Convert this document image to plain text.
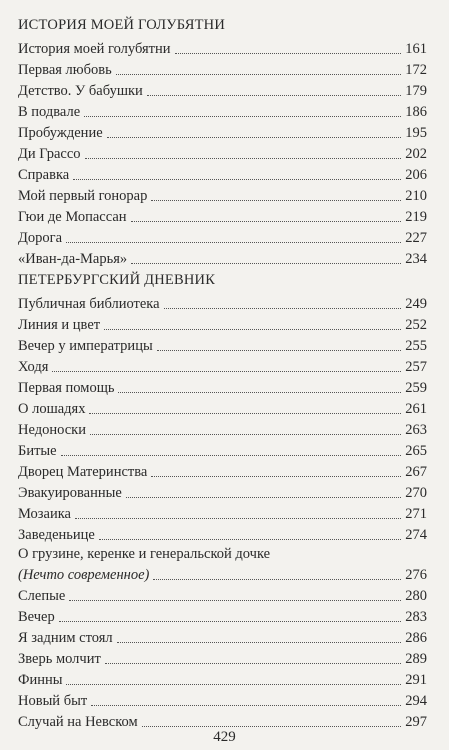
ИСТОРИЯ МОЕЙ ГОЛУБЯТНИ
История моей голубятни	161
Первая любовь	172
Детство. У бабушки	179
В подвале	186
Пробуждение	195
Ди Грассо	202
Справка	206
Мой первый гонорар	210
Гюи де Мопассан	219
Дорога	227
«Иван-да-Марья»	234
ПЕТЕРБУРГСКИЙ ДНЕВНИК
Публичная библиотека	249
Линия и цвет	252
Вечер у императрицы	255
Ходя	257
Первая помощь	259
О лошадях	261
Недоноски	263
Битые	265
Дворец Материнства	267
Эвакуированные	270
Мозаика	271
Заведеньице	274
О грузине, керенке и генеральской дочке
(Нечто современное)	276
Слепые	280
Вечер	283
Я задним стоял	286
Зверь молчит	289
Финны	291
Новый быт	294
Случай на Невском	297
429
